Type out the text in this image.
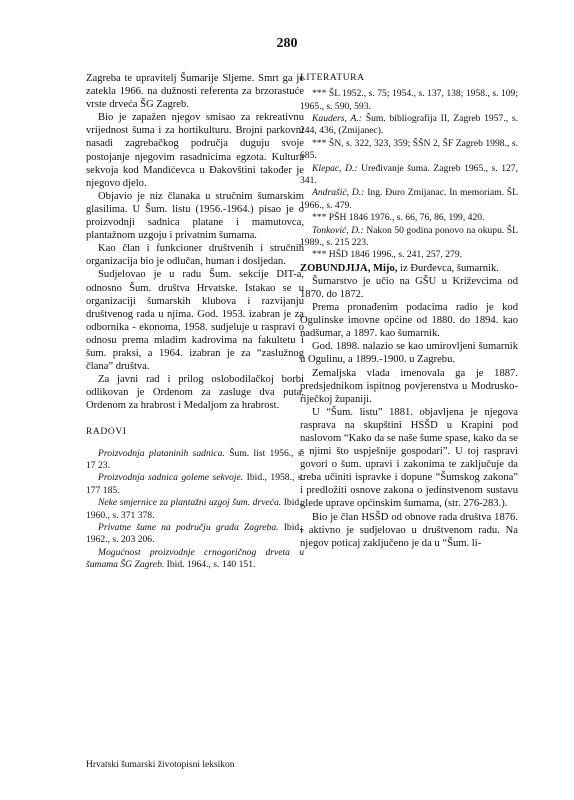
280

Zagreba te upravitelj Šumarije Sljeme. Smrt ga je zatekla 1966. na dužnosti referenta za brzorastuće vrste drveća ŠG Zagreb.

Bio je zapažen njegov smisao za rekreativnu vrijednost šuma i za hortikulturu. Brojni parkovni nasadi zagrebačkog područja duguju svoje postojanje njegovim rasadnicima egzota. Kultura sekvoja kod Mandićevca u Đakovštini također je njegovo djelo.

Objavio je niz članaka u stručnim šumarskim glasilima. U Šum. listu (1956.-1964.) pisao je o proizvodnji sadnica platane i mamutovca, plantažnom uzgoju i privatnim šumama.

Kao član i funkcioner društvenih i stručnih organizacija bio je odlučan, human i dosljedan.

Sudjelovao je u radu Šum. sekcije DIT-a, odnosno Šum. društva Hrvatske. Istakao se u organizaciji šumarskih klubova i razvijanju društvenog rada u njima. God. 1953. izabran je za odbornika - ekonoma, 1958. sudjeluje u raspravi o odnosu prema mladim kadrovima na fakultetu i šum. praksi, a 1964. izabran je za “zaslužnog člana” društva.

Za javni rad i prilog oslobodilačkoj borbi odlikovan je Ordenom za zasluge dva puta, Ordenom za hrabrost i Medaljom za hrabrost.

RADOVI

Proizvodnja plataninih sadnica. Šum. list 1956., s. 17 23.

Proizvodnja sadnica goleme sekvoje. Ibid., 1958., s. 177 185.

Neke smjernice za plantažni uzgoj šum. drveća. Ibid., 1960., s. 371 378.

Privatne šume na području grada Zagreba. Ibid., 1962., s. 203 206.

Mogućnost proizvodnje crnogoričnog drveta u šumama ŠG Zagreb. Ibid. 1964., s. 140 151.

LITERATURA

*** ŠL 1952., s. 75; 1954., s. 137, 138; 1958., s. 109; 1965., s. 590, 593.

Kauders, A.: Šum. bibliografija II, Zagreb 1957., s. 244, 436, (Zmijanec).

*** ŠN, s. 322, 323, 359; ŠŠN 2, ŠF Zagreb 1998., s. 685.

Klepac, D.: Uređivanje šuma. Zagreb 1965., s. 127, 341.

Andrašić, D.: Ing. Đuro Zmijanac. In memoriam. ŠL 1966., s. 479.

*** PŠH 1846 1976., s. 66, 76, 86, 199, 420.

Tonković, D.: Nakon 50 godina ponovo na okupu. ŠL 1989., s. 215 223.

*** HŠD 1846 1996., s. 241, 257, 279.

ZOBUNDJIJA, Mijo, iz Đurđevca, šumarnik.

Šumarstvo je učio na GŠU u Križevcima od 1870. do 1872.

Prema pronađenim podacima radio je kod Ogulinske imovne općine od 1880. do 1894. kao nadšumar, a 1897. kao šumarnik.

God. 1898. nalazio se kao umirovljeni šumarnik u Ogulinu, a 1899.-1900. u Zagrebu.

Zemaljska vlada imenovala ga je 1887. predsjednikom ispitnog povjerenstva u Modrusko-riječkoj županiji.

U “Šum. listu” 1881. objavljena je njegova rasprava na skupštini HSŠD u Krapini pod naslovom “Kako da se naše šume spase, kako da se s njimi što uspješnije gospodari”. U toj raspravi govori o šum. upravi i zakonima te zaključuje da treba učiniti ispravke i dopune “Šumskog zakona” i predložiti osnove zakona o jedinstvenom sustavu glede uprave općinskim šumama, (str. 276-283.).

Bio je član HSŠD od obnove rada društva 1876. i aktivno je sudjelovao u društvenom radu. Na njegov poticaj zaključeno je da u “Šum. li-

Hrvatski šumarski životopisni leksikon
